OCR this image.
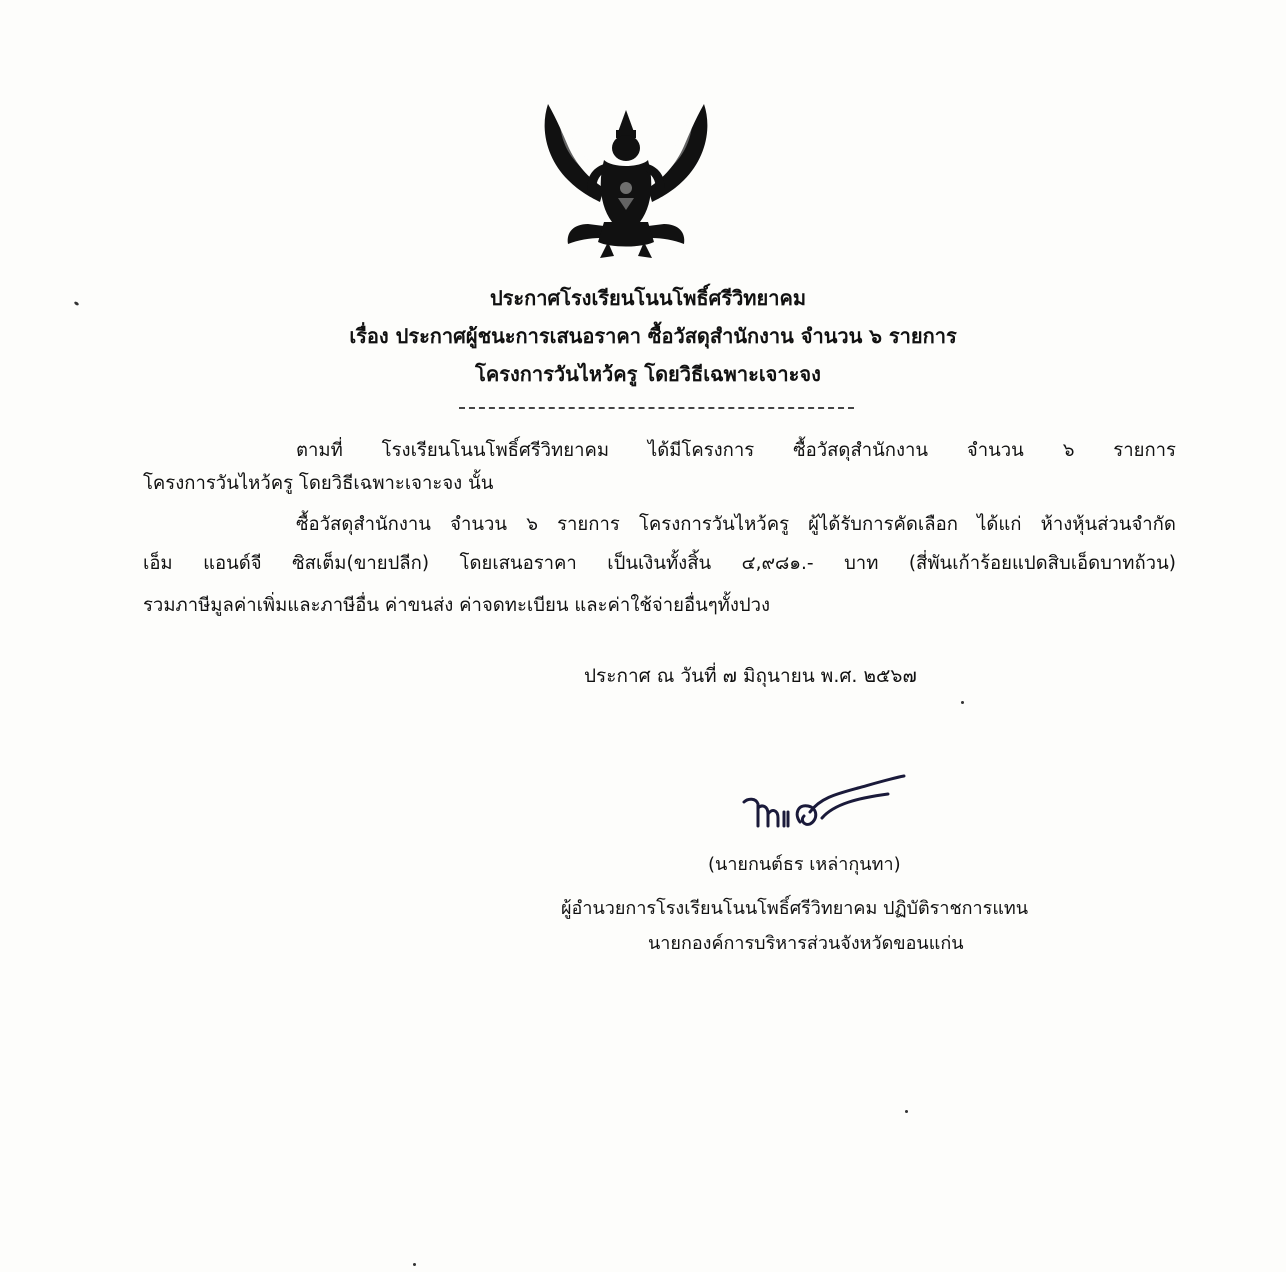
ประกาศโรงเรียนโนนโพธิ์ศรีวิทยาคม
เรื่อง ประกาศผู้ชนะการเสนอราคา ซื้อวัสดุสำนักงาน จำนวน ๖ รายการ
โครงการวันไหว้ครู โดยวิธีเฉพาะเจาะจง
ตามที่ โรงเรียนโนนโพธิ์ศรีวิทยาคม ได้มีโครงการ ซื้อวัสดุสำนักงาน จำนวน ๖ รายการ
โครงการวันไหว้ครู โดยวิธีเฉพาะเจาะจง นั้น
ซื้อวัสดุสำนักงาน จำนวน ๖ รายการ โครงการวันไหว้ครู ผู้ได้รับการคัดเลือก ได้แก่ ห้างหุ้นส่วนจำกัด
เอ็ม แอนด์จี ซิสเต็ม(ขายปลีก) โดยเสนอราคา เป็นเงินทั้งสิ้น ๔,๙๘๑.- บาท (สี่พันเก้าร้อยแปดสิบเอ็ดบาทถ้วน)
รวมภาษีมูลค่าเพิ่มและภาษีอื่น ค่าขนส่ง ค่าจดทะเบียน และค่าใช้จ่ายอื่นๆทั้งปวง
ประกาศ ณ วันที่ ๗ มิถุนายน พ.ศ. ๒๕๖๗
(นายกนต์ธร เหล่ากุนทา)
ผู้อำนวยการโรงเรียนโนนโพธิ์ศรีวิทยาคม ปฏิบัติราชการแทน
นายกองค์การบริหารส่วนจังหวัดขอนแก่น
